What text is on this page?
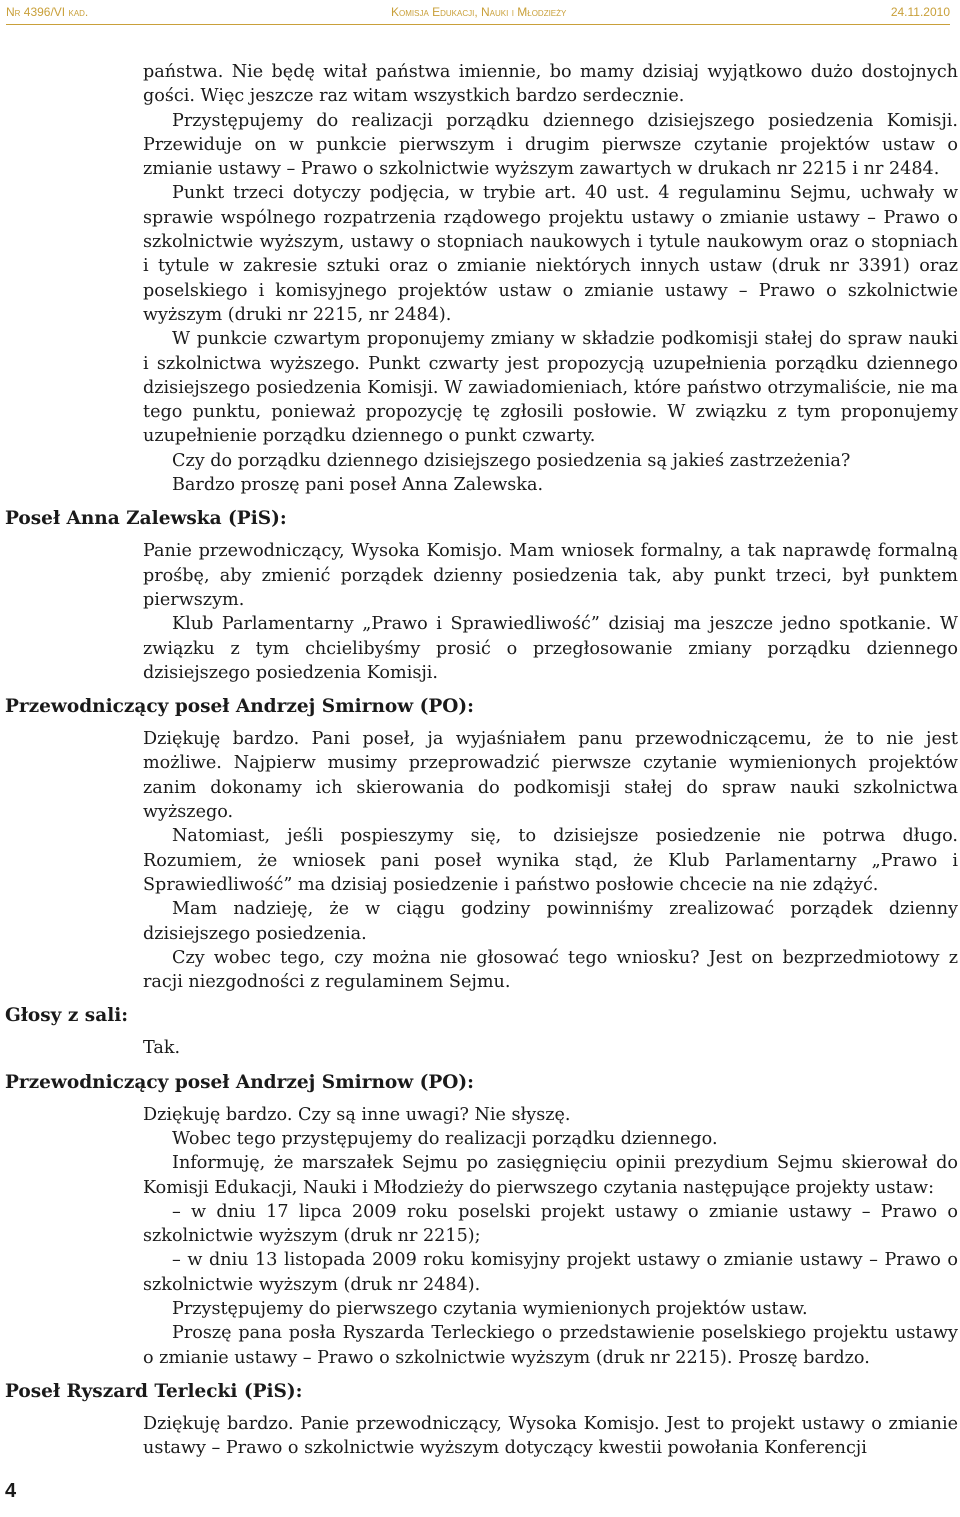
Nr 4396/VI kad.	Komisja Edukacji, Nauki i Młodzieży	24.11.2010

państwa. Nie będę witał państwa imiennie, bo mamy dzisiaj wyjątkowo dużo dostojnych gości. Więc jeszcze raz witam wszystkich bardzo serdecznie.

Przystępujemy do realizacji porządku dziennego dzisiejszego posiedzenia Komisji. Przewiduje on w punkcie pierwszym i drugim pierwsze czytanie projektów ustaw o zmianie ustawy – Prawo o szkolnictwie wyższym zawartych w drukach nr 2215 i nr 2484.

Punkt trzeci dotyczy podjęcia, w trybie art. 40 ust. 4 regulaminu Sejmu, uchwały w sprawie wspólnego rozpatrzenia rządowego projektu ustawy o zmianie ustawy – Prawo o szkolnictwie wyższym, ustawy o stopniach naukowych i tytule naukowym oraz o stopniach i tytule w zakresie sztuki oraz o zmianie niektórych innych ustaw (druk nr 3391) oraz poselskiego i komisyjnego projektów ustaw o zmianie ustawy – Prawo o szkolnictwie wyższym (druki nr 2215, nr 2484).

W punkcie czwartym proponujemy zmiany w składzie podkomisji stałej do spraw nauki i szkolnictwa wyższego. Punkt czwarty jest propozycją uzupełnienia porządku dziennego dzisiejszego posiedzenia Komisji. W zawiadomieniach, które państwo otrzymaliście, nie ma tego punktu, ponieważ propozycję tę zgłosili posłowie. W związku z tym proponujemy uzupełnienie porządku dziennego o punkt czwarty.

Czy do porządku dziennego dzisiejszego posiedzenia są jakieś zastrzeżenia?

Bardzo proszę pani poseł Anna Zalewska.

Poseł Anna Zalewska (PiS):

Panie przewodniczący, Wysoka Komisjo. Mam wniosek formalny, a tak naprawdę formalną prośbę, aby zmienić porządek dzienny posiedzenia tak, aby punkt trzeci, był punktem pierwszym.

Klub Parlamentarny „Prawo i Sprawiedliwość” dzisiaj ma jeszcze jedno spotkanie. W związku z tym chcielibyśmy prosić o przegłosowanie zmiany porządku dziennego dzisiejszego posiedzenia Komisji.

Przewodniczący poseł Andrzej Smirnow (PO):

Dziękuję bardzo. Pani poseł, ja wyjaśniałem panu przewodniczącemu, że to nie jest możliwe. Najpierw musimy przeprowadzić pierwsze czytanie wymienionych projektów zanim dokonamy ich skierowania do podkomisji stałej do spraw nauki szkolnictwa wyższego.

Natomiast, jeśli pospieszymy się, to dzisiejsze posiedzenie nie potrwa długo. Rozumiem, że wniosek pani poseł wynika stąd, że Klub Parlamentarny „Prawo i Sprawiedliwość” ma dzisiaj posiedzenie i państwo posłowie chcecie na nie zdążyć.

Mam nadzieję, że w ciągu godziny powinniśmy zrealizować porządek dzienny dzisiejszego posiedzenia.

Czy wobec tego, czy można nie głosować tego wniosku? Jest on bezprzedmiotowy z racji niezgodności z regulaminem Sejmu.

Głosy z sali:

Tak.

Przewodniczący poseł Andrzej Smirnow (PO):

Dziękuję bardzo. Czy są inne uwagi? Nie słyszę.

Wobec tego przystępujemy do realizacji porządku dziennego.

Informuję, że marszałek Sejmu po zasięgnięciu opinii prezydium Sejmu skierował do Komisji Edukacji, Nauki i Młodzieży do pierwszego czytania następujące projekty ustaw:

– w dniu 17 lipca 2009 roku poselski projekt ustawy o zmianie ustawy – Prawo o szkolnictwie wyższym (druk nr 2215);

– w dniu 13 listopada 2009 roku komisyjny projekt ustawy o zmianie ustawy – Prawo o szkolnictwie wyższym (druk nr 2484).

Przystępujemy do pierwszego czytania wymienionych projektów ustaw.

Proszę pana posła Ryszarda Terleckiego o przedstawienie poselskiego projektu ustawy o zmianie ustawy – Prawo o szkolnictwie wyższym (druk nr 2215). Proszę bardzo.

Poseł Ryszard Terlecki (PiS):

Dziękuję bardzo. Panie przewodniczący, Wysoka Komisjo. Jest to projekt ustawy o zmianie ustawy – Prawo o szkolnictwie wyższym dotyczący kwestii powołania Konferencji

4
